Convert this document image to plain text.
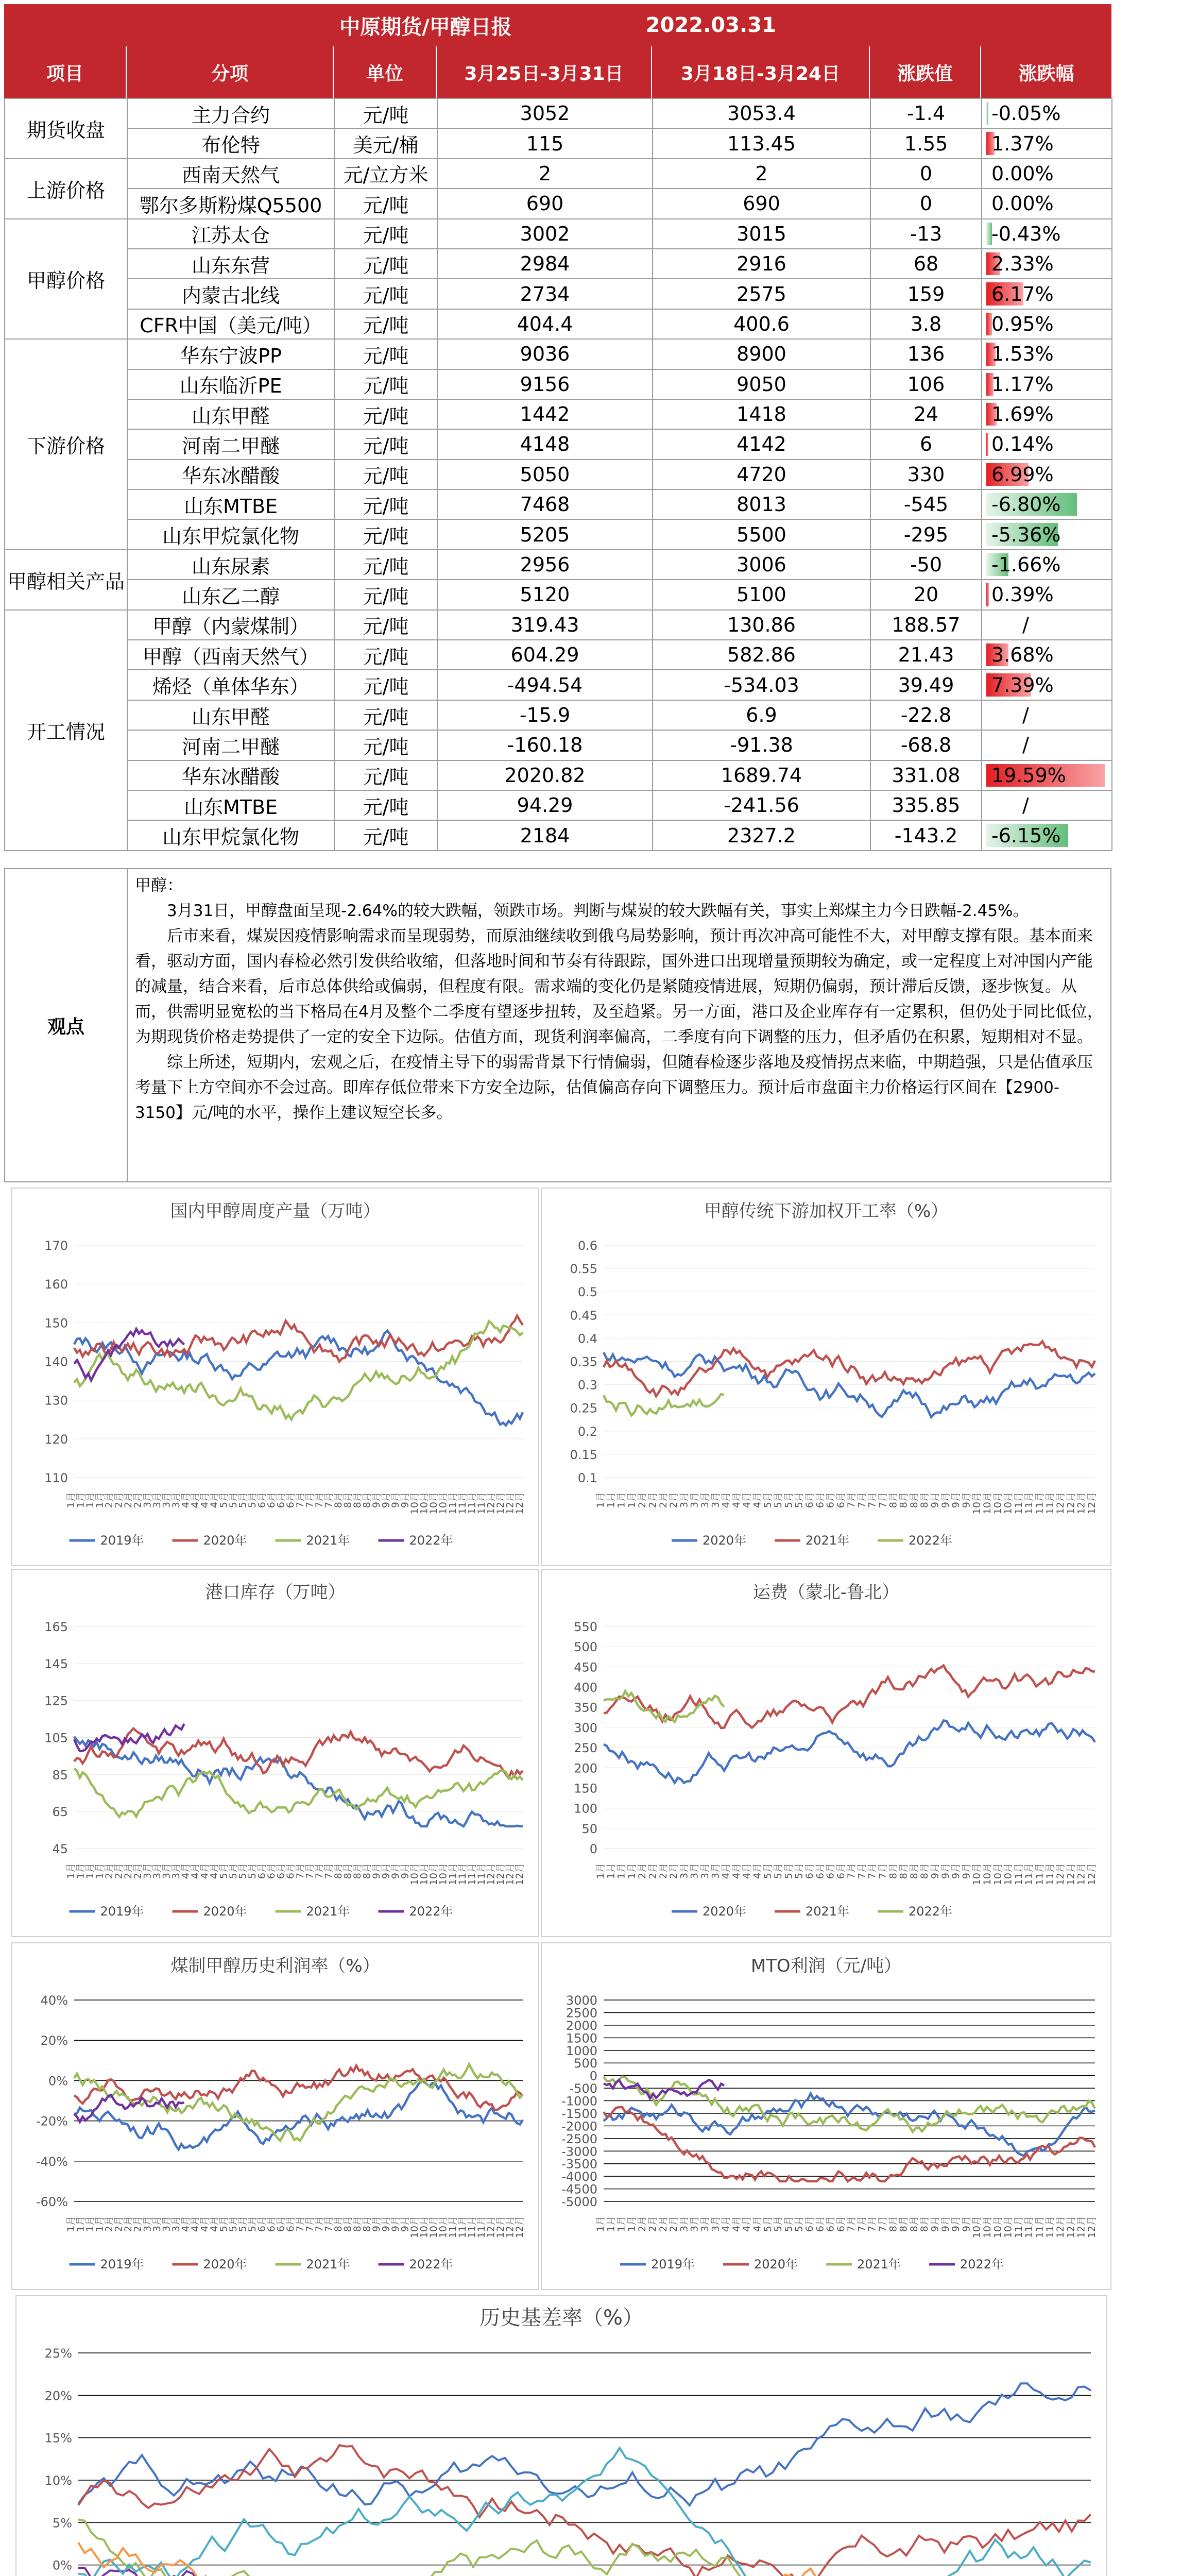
中原期货/甲醇日报	2022.03.31
项目	分项	单位	3月25日-3月31日	3月18日-3月24日	涨跌值	涨跌幅
期货收盘	主力合约	元/吨	3052	3053.4	-1.4	-0.05%
	布伦特	美元/桶	115	113.45	1.55	1.37%
上游价格	西南天然气	元/立方米	2	2	0	0.00%
	鄂尔多斯粉煤Q5500	元/吨	690	690	0	0.00%
甲醇价格	江苏太仓	元/吨	3002	3015	-13	-0.43%
	山东东营	元/吨	2984	2916	68	2.33%
	内蒙古北线	元/吨	2734	2575	159	6.17%
	CFR中国（美元/吨）	元/吨	404.4	400.6	3.8	0.95%
下游价格	华东宁波PP	元/吨	9036	8900	136	1.53%
	山东临沂PE	元/吨	9156	9050	106	1.17%
	山东甲醛	元/吨	1442	1418	24	1.69%
	河南二甲醚	元/吨	4148	4142	6	0.14%
	华东冰醋酸	元/吨	5050	4720	330	6.99%
	山东MTBE	元/吨	7468	8013	-545	-6.80%
	山东甲烷氯化物	元/吨	5205	5500	-295	-5.36%
甲醇相关产品	山东尿素	元/吨	2956	3006	-50	-1.66%
	山东乙二醇	元/吨	5120	5100	20	0.39%
开工情况	甲醇（内蒙煤制）	元/吨	319.43	130.86	188.57	/
	甲醇（西南天然气）	元/吨	604.29	582.86	21.43	3.68%
	烯烃（单体华东）	元/吨	-494.54	-534.03	39.49	7.39%
	山东甲醛	元/吨	-15.9	6.9	-22.8	/
	河南二甲醚	元/吨	-160.18	-91.38	-68.8	/
	华东冰醋酸	元/吨	2020.82	1689.74	331.08	19.59%
	山东MTBE	元/吨	94.29	-241.56	335.85	/
	山东甲烷氯化物	元/吨	2184	2327.2	-143.2	-6.15%
观点

甲醇：

　　3月31日，甲醇盘面呈现-2.64%的较大跌幅，领跌市场。判断与煤炭的较大跌幅有关，事实上郑煤主力今日跌幅-2.45%。

　　后市来看，煤炭因疫情影响需求而呈现弱势，而原油继续收到俄乌局势影响，预计再次冲高可能性不大，对甲醇支撑有限。基本面来看，驱动方面，国内春检必然引发供给收缩，但落地时间和节奏有待跟踪，国外进口出现增量预期较为确定，或一定程度上对冲国内产能的减量，结合来看，后市总体供给或偏弱，但程度有限。需求端的变化仍是紧随疫情进展，短期仍偏弱，预计滞后反馈，逐步恢复。从而，供需明显宽松的当下格局在4月及整个二季度有望逐步扭转，及至趋紧。另一方面，港口及企业库存有一定累积，但仍处于同比低位，为期现货价格走势提供了一定的安全下边际。估值方面，现货利润率偏高，二季度有向下调整的压力，但矛盾仍在积累，短期相对不显。

　　综上所述，短期内，宏观之后，在疫情主导下的弱需背景下行情偏弱，但随春检逐步落地及疫情拐点来临，中期趋强，只是估值承压考量下上方空间亦不会过高。即库存低位带来下方安全边际，估值偏高存向下调整压力。预计后市盘面主力价格运行区间在【2900-3150】元/吨的水平，操作上建议短空长多。

国内甲醇周度产量（万吨）
110
120
130
140
150
160
170
1月
1月
1月
1月
2月
2月
2月
2月
3月
3月
3月
3月
4月
4月
4月
4月
5月
5月
5月
5月
6月
6月
6月
6月
7月
7月
7月
7月
8月
8月
8月
8月
9月
9月
9月
9月
10月
10月
10月
10月
11月
11月
11月
11月
12月
12月
12月
12月
2019年	2020年	2021年	2022年
甲醇传统下游加权开工率（%）
0.1
0.15
0.2
0.25
0.3
0.35
0.4
0.45
0.5
0.55
0.6
1月
1月
1月
1月
2月
2月
2月
2月
3月
3月
3月
3月
4月
4月
4月
4月
5月
5月
5月
5月
6月
6月
6月
6月
7月
7月
7月
7月
8月
8月
8月
8月
9月
9月
9月
9月
10月
10月
10月
10月
11月
11月
11月
11月
12月
12月
12月
12月
2020年	2021年	2022年
港口库存（万吨）
45
65
85
105
125
145
165
1月
1月
1月
1月
2月
2月
2月
2月
3月
3月
3月
3月
4月
4月
4月
4月
5月
5月
5月
5月
6月
6月
6月
6月
7月
7月
7月
7月
8月
8月
8月
8月
9月
9月
9月
9月
10月
10月
10月
10月
11月
11月
11月
11月
12月
12月
12月
12月
2019年	2020年	2021年	2022年
运费（蒙北-鲁北）
0
50
100
150
200
250
300
350
400
450
500
550
1月
1月
1月
1月
2月
2月
2月
2月
3月
3月
3月
3月
4月
4月
4月
4月
5月
5月
5月
5月
6月
6月
6月
6月
7月
7月
7月
7月
8月
8月
8月
8月
9月
9月
9月
9月
10月
10月
10月
10月
11月
11月
11月
11月
12月
12月
12月
12月
2020年	2021年	2022年
煤制甲醇历史利润率（%）
-60%
-40%
-20%
0%
20%
40%
1月
1月
1月
1月
2月
2月
2月
2月
3月
3月
3月
3月
4月
4月
4月
4月
5月
5月
5月
5月
6月
6月
6月
6月
7月
7月
7月
7月
8月
8月
8月
8月
9月
9月
9月
9月
10月
10月
10月
10月
11月
11月
11月
11月
12月
12月
12月
12月
2019年	2020年	2021年	2022年
MTO利润（元/吨）
-5000
-4500
-4000
-3500
-3000
-2500
-2000
-1500
-1000
-500
0
500
1000
1500
2000
2500
3000
1月
1月
1月
1月
2月
2月
2月
2月
3月
3月
3月
3月
4月
4月
4月
4月
5月
5月
5月
5月
6月
6月
6月
6月
7月
7月
7月
7月
8月
8月
8月
8月
9月
9月
9月
9月
10月
10月
10月
10月
11月
11月
11月
11月
12月
12月
12月
12月
2019年	2020年	2021年	2022年
历史基差率（%）
0%
5%
10%
15%
20%
25%
